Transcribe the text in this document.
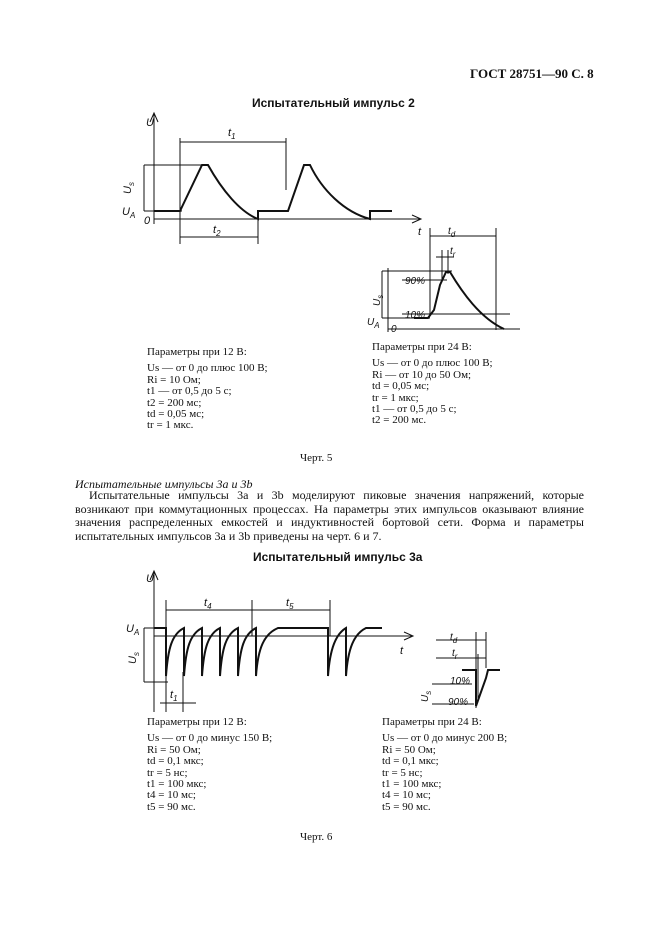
ГОСТ 28751—90 С. 8
Испытательный импульс 2
U
$U_s$
$U_A$ 0
$t_1$
$t_2$	t
$U_s$
$U_A$ 0
90%
10%
$t_d$
$t_r$
U
$U_A$
$U_s$
$t_4$	$t_5$
$t_1$
t
$t_d$
$t_r$
10%
90%
$U_s$
Параметры при 12 В:
Us — от 0 до плюс 100 В;
Ri = 10 Ом;
t1 — от 0,5 до 5 с;
t2 = 200 мс;
td = 0,05 мс;
tr = 1 мкс.
Параметры при 24 В:
Us — от 0 до плюс 100 В;
Ri — от 10 до 50 Ом;
td = 0,05 мс;
tr = 1 мкс;
t1 — от 0,5 до 5 с;
t2 = 200 мс.
Черт. 5
Испытательные импульсы 3а и 3b

Испытательные импульсы 3а и 3b моделируют пиковые значения напряжений, которые возникают при коммутационных процессах. На параметры этих импульсов оказывают влияние значения распределенных емкостей и индуктивностей бортовой сети. Форма и параметры испытательных импульсов 3а и 3b приведены на черт. 6 и 7.

Испытательный импульс 3а
Параметры при 12 В:
Us — от 0 до минус 150 В;
Ri = 50 Ом;
td = 0,1 мкс;
tr = 5 нс;
t1 = 100 мкс;
t4 = 10 мс;
t5 = 90 мс.
Параметры при 24 В:
Us — от 0 до минус 200 В;
Ri = 50 Ом;
td = 0,1 мкс;
tr = 5 нс;
t1 = 100 мкс;
t4 = 10 мс;
t5 = 90 мс.
Черт. 6
